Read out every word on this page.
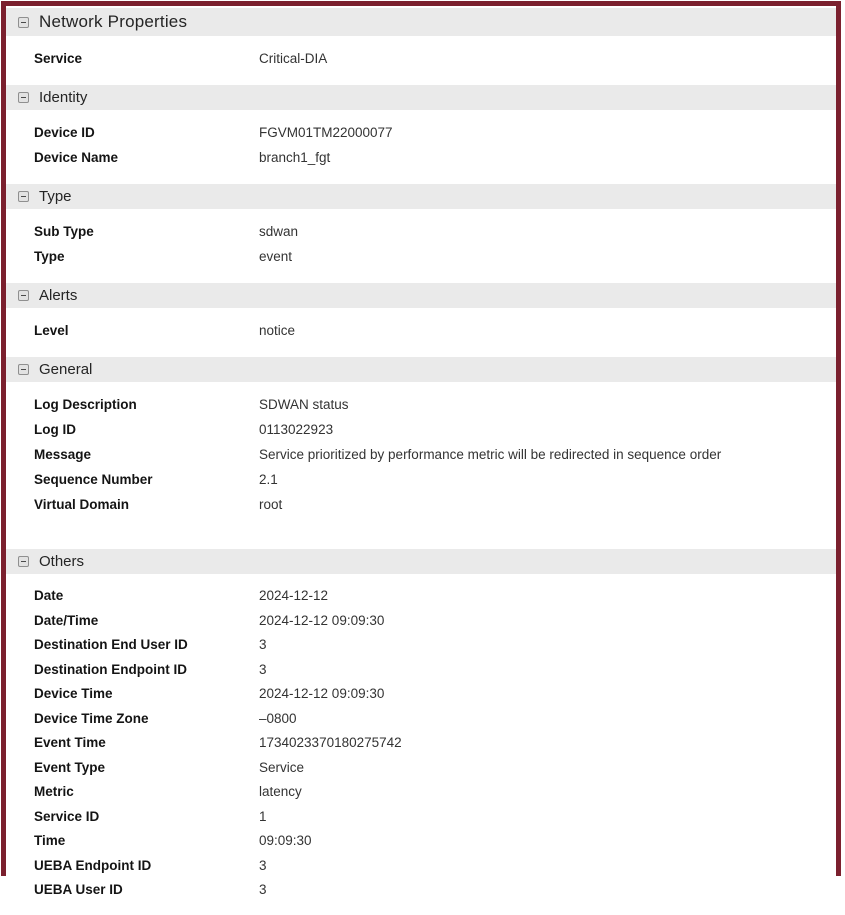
Network Properties
Service	Critical-DIA
Identity
Device ID	FGVM01TM22000077
Device Name	branch1_fgt
Type
Sub Type	sdwan
Type	event
Alerts
Level	notice
General
Log Description	SDWAN status
Log ID	0113022923
Message	Service prioritized by performance metric will be redirected in sequence order
Sequence Number	2.1
Virtual Domain	root
Others
Date	2024-12-12
Date/Time	2024-12-12 09:09:30
Destination End User ID	3
Destination Endpoint ID	3
Device Time	2024-12-12 09:09:30
Device Time Zone	–0800
Event Time	1734023370180275742
Event Type	Service
Metric	latency
Service ID	1
Time	09:09:30
UEBA Endpoint ID	3
UEBA User ID	3
